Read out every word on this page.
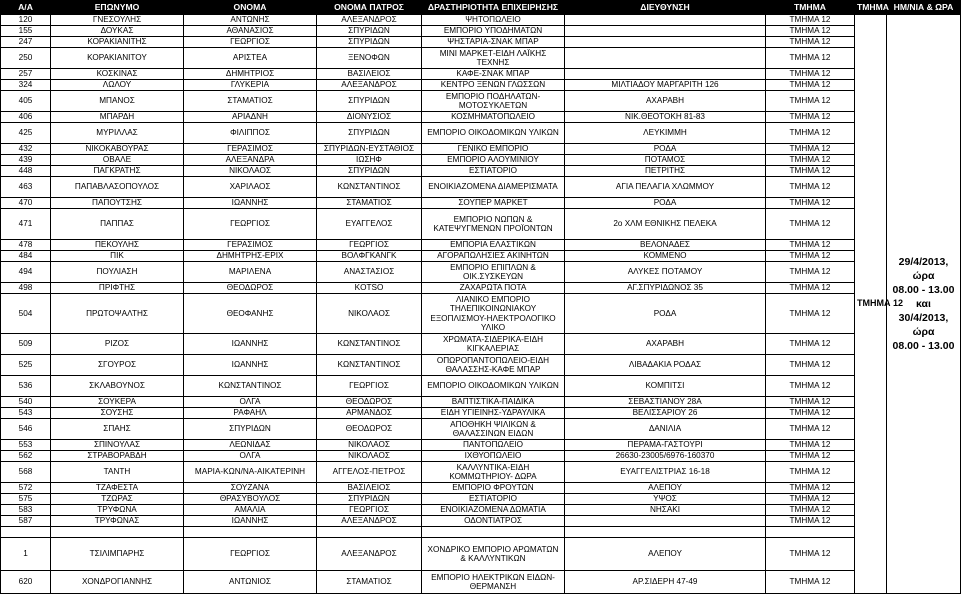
Α/Α	ΕΠΩΝΥΜΟ	ΟΝΟΜΑ	ΟΝΟΜΑ ΠΑΤΡΟΣ	ΔΡΑΣΤΗΡΙΟΤΗΤΑ ΕΠΙΧΕΙΡΗΣΗΣ	ΔΙΕΥΘΥΝΣΗ	ΤΜΗΜΑ	ΤΜΗΜΑ	ΗΜ/ΝΙΑ & ΩΡΑ
120	ΓΝΕΣΟΥΛΗΣ	ΑΝΤΩΝΗΣ	ΑΛΕΞΑΝΔΡΟΣ	ΨΗΤΟΠΩΛΕΙΟ		ΤΜΗΜΑ 12	ΤΜΗΜΑ 12	29/4/2013, ώρα
08.00 - 13.00
και
30/4/2013, ώρα
08.00 - 13.00

155	ΔΟΥΚΑΣ	ΑΘΑΝΑΣΙΟΣ	ΣΠΥΡΙΔΩΝ	ΕΜΠΟΡΙΟ ΥΠΟΔΗΜΑΤΩΝ		ΤΜΗΜΑ 12		
247	ΚΟΡΑΚΙΑΝΙΤΗΣ	ΓΕΩΡΓΙΟΣ	ΣΠΥΡΙΔΩΝ	ΨΗΣΤΑΡΙΑ-ΣΝΑΚ ΜΠΑΡ		ΤΜΗΜΑ 12		
250	ΚΟΡΑΚΙΑΝΙΤΟΥ	ΑΡΙΣΤΕΑ	ΞΕΝΟΦΩΝ	ΜΙΝΙ ΜΑΡΚΕΤ-ΕΙΔΗ ΛΑΪΚΗΣ ΤΕΧΝΗΣ		ΤΜΗΜΑ 12		
257	ΚΟΣΚΙΝΑΣ	ΔΗΜΗΤΡΙΟΣ	ΒΑΣΙΛΕΙΟΣ	ΚΑΦΕ-ΣΝΑΚ ΜΠΑΡ		ΤΜΗΜΑ 12		
324	ΛΩΛΟΥ	ΓΛΥΚΕΡΙΑ	ΑΛΕΞΑΝΔΡΟΣ	ΚΕΝΤΡΟ ΞΕΝΩΝ ΓΛΩΣΣΩΝ	ΜΙΛΤΙΑΔΟΥ ΜΑΡΓΑΡΙΤΗ 126	ΤΜΗΜΑ 12		
405	ΜΠΑΝΟΣ	ΣΤΑΜΑΤΙΟΣ	ΣΠΥΡΙΔΩΝ	ΕΜΠΟΡΙΟ ΠΟΔΗΛΑΤΩΝ-ΜΟΤΟΣΥΚΛΕΤΩΝ	ΑΧΑΡΑΒΗ	ΤΜΗΜΑ 12		
406	ΜΠΑΡΔΗ	ΑΡΙΑΔΝΗ	ΔΙΟΝΥΣΙΟΣ	ΚΟΣΜΗΜΑΤΟΠΩΛΕΙΟ	ΝΙΚ.ΘΕΟΤΟΚΗ 81-83	ΤΜΗΜΑ 12		
425	ΜΥΡΙΛΛΑΣ	ΦΙΛΙΠΠΟΣ	ΣΠΥΡΙΔΩΝ	ΕΜΠΟΡΙΟ ΟΙΚΟΔΟΜΙΚΩΝ ΥΛΙΚΩΝ	ΛΕΥΚΙΜΜΗ	ΤΜΗΜΑ 12		
432	ΝΙΚΟΚΑΒΟΥΡΑΣ	ΓΕΡΑΣΙΜΟΣ	ΣΠΥΡΙΔΩΝ-ΕΥΣΤΑΘΙΟΣ	ΓΕΝΙΚΟ ΕΜΠΟΡΙΟ	ΡΟΔΑ	ΤΜΗΜΑ 12		
439	ΟΒΑΛΕ	ΑΛΕΞΑΝΔΡΑ	ΙΩΣΗΦ	ΕΜΠΟΡΙΟ ΑΛΟΥΜΙΝΙΟΥ	ΠΟΤΑΜΟΣ	ΤΜΗΜΑ 12		
448	ΠΑΓΚΡΑΤΗΣ	ΝΙΚΟΛΑΟΣ	ΣΠΥΡΙΔΩΝ	ΕΣΤΙΑΤΟΡΙΟ	ΠΕΤΡΙΤΗΣ	ΤΜΗΜΑ 12		
463	ΠΑΠΑΒΛΑΣΟΠΟΥΛΟΣ	ΧΑΡΙΛΑΟΣ	ΚΩΝΣΤΑΝΤΙΝΟΣ	ΕΝΟΙΚΙΑΖΟΜΕΝΑ ΔΙΑΜΕΡΙΣΜΑΤΑ	ΑΓΙΑ ΠΕΛΑΓΙΑ ΧΛΩΜΜΟΥ	ΤΜΗΜΑ 12		
470	ΠΑΠΟΥΤΣΗΣ	ΙΩΑΝΝΗΣ	ΣΤΑΜΑΤΙΟΣ	ΣΟΥΠΕΡ ΜΑΡΚΕΤ	ΡΟΔΑ	ΤΜΗΜΑ 12		
471	ΠΑΠΠΑΣ	ΓΕΩΡΓΙΟΣ	ΕΥΑΓΓΕΛΟΣ	ΕΜΠΟΡΙΟ ΝΩΠΩΝ & ΚΑΤΕΨΥΓΜΕΝΩΝ ΠΡΟΪΟΝΤΩΝ	2ο ΧΛΜ ΕΘΝΙΚΗΣ ΠΕΛΕΚΑ	ΤΜΗΜΑ 12		
478	ΠΕΚΟΥΛΗΣ	ΓΕΡΑΣΙΜΟΣ	ΓΕΩΡΓΙΟΣ	ΕΜΠΟΡΙΑ ΕΛΑΣΤΙΚΩΝ	ΒΕΛΟΝΑΔΕΣ	ΤΜΗΜΑ 12		
484	ΠΙΚ	ΔΗΜΗΤΡΗΣ-ΕΡΙΧ	ΒΟΛΦΓΚΑΝΓΚ	ΑΓΟΡΑΠΩΛΗΣΙΕΣ ΑΚΙΝΗΤΩΝ	ΚΟΜΜΕΝΟ	ΤΜΗΜΑ 12		
494	ΠΟΥΛΙΑΣΗ	ΜΑΡΙΛΕΝΑ	ΑΝΑΣΤΑΣΙΟΣ	ΕΜΠΟΡΙΟ ΕΠΙΠΛΩΝ & ΟΙΚ.ΣΥΣΚΕΥΩΝ	ΑΛΥΚΕΣ ΠΟΤΑΜΟΥ	ΤΜΗΜΑ 12		
498	ΠΡΙΦΤΗΣ	ΘΕΟΔΩΡΟΣ	KOTSO	ΖΑΧΑΡΩΤΑ ΠΟΤΑ	ΑΓ.ΣΠΥΡΙΔΩΝΟΣ 35	ΤΜΗΜΑ 12		
504	ΠΡΩΤΟΨΑΛΤΗΣ	ΘΕΟΦΑΝΗΣ	ΝΙΚΟΛΑΟΣ	ΛΙΑΝΙΚΟ ΕΜΠΟΡΙΟ ΤΗΛΕΠΙΚΟΙΝΩΝΙΑΚΟΥ ΕΞΟΠΛΙΣΜΟΥ-ΗΛΕΚΤΡΟΛΟΓΙΚΟ ΥΛΙΚΟ	ΡΟΔΑ	ΤΜΗΜΑ 12		
509	ΡΙΖΟΣ	ΙΩΑΝΝΗΣ	ΚΩΝΣΤΑΝΤΙΝΟΣ	ΧΡΩΜΑΤΑ-ΣΙΔΕΡΙΚΑ-ΕΙΔΗ ΚΙΓΚΑΛΕΡΙΑΣ	ΑΧΑΡΑΒΗ	ΤΜΗΜΑ 12		
525	ΣΓΟΥΡΟΣ	ΙΩΑΝΝΗΣ	ΚΩΝΣΤΑΝΤΙΝΟΣ	ΟΠΩΡΟΠΑΝΤΟΠΩΛΕΙΟ-ΕΙΔΗ ΘΑΛΑΣΣΗΣ-ΚΑΦΕ ΜΠΑΡ	ΛΙΒΑΔΑΚΙΑ ΡΟΔΑΣ	ΤΜΗΜΑ 12		
536	ΣΚΛΑΒΟΥΝΟΣ	ΚΩΝΣΤΑΝΤΙΝΟΣ	ΓΕΩΡΓΙΟΣ	ΕΜΠΟΡΙΟ ΟΙΚΟΔΟΜΙΚΩΝ ΥΛΙΚΩΝ	ΚΟΜΠΙΤΣΙ	ΤΜΗΜΑ 12		
540	ΣΟΥΚΕΡΑ	ΟΛΓΑ	ΘΕΟΔΩΡΟΣ	ΒΑΠΤΙΣΤΙΚΑ-ΠΑΙΔΙΚΑ	ΣΕΒΑΣΤΙΑΝΟΥ 28Α	ΤΜΗΜΑ 12		
543	ΣΟΥΣΗΣ	ΡΑΦΑΗΛ	ΑΡΜΑΝΔΟΣ	ΕΙΔΗ ΥΓΙΕΙΝΗΣ-ΥΔΡΑΥΛΙΚΑ	ΒΕΛΙΣΣΑΡΙΟΥ 26	ΤΜΗΜΑ 12		
546	ΣΠΑΗΣ	ΣΠΥΡΙΔΩΝ	ΘΕΟΔΩΡΟΣ	ΑΠΟΘΗΚΗ ΨΙΛΙΚΩΝ & ΘΑΛΑΣΣΙΝΩΝ ΕΙΔΩΝ	ΔΑΝΙΛΙΑ	ΤΜΗΜΑ 12		
553	ΣΠΙΝΟΥΛΑΣ	ΛΕΩΝΙΔΑΣ	ΝΙΚΟΛΑΟΣ	ΠΑΝΤΟΠΩΛΕΙΟ	ΠΕΡΑΜΑ-ΓΑΣΤΟΥΡΙ	ΤΜΗΜΑ 12		
562	ΣΤΡΑΒΟΡΑΒΔΗ	ΟΛΓΑ	ΝΙΚΟΛΑΟΣ	ΙΧΘΥΟΠΩΛΕΙΟ	26630-23005/6976-160370	ΤΜΗΜΑ 12		
568	ΤΑΝΤΗ	ΜΑΡΙΑ-ΚΩΝ/ΝΑ-ΑΙΚΑΤΕΡΙΝΗ	ΑΓΓΕΛΟΣ-ΠΕΤΡΟΣ	ΚΑΛΛΥΝΤΙΚΑ-ΕΙΔΗ ΚΟΜΜΩΤΗΡΙΟΥ- ΔΩΡΑ	ΕΥΑΓΓΕΛΙΣΤΡΙΑΣ 16-18	ΤΜΗΜΑ 12		
572	ΤΖΑΦΕΣΤΑ	ΣΟΥΖΑΝΑ	ΒΑΣΙΛΕΙΟΣ	ΕΜΠΟΡΙΟ ΦΡΟΥΤΩΝ	ΑΛΕΠΟΥ	ΤΜΗΜΑ 12		
575	ΤΖΩΡΑΣ	ΘΡΑΣΥΒΟΥΛΟΣ	ΣΠΥΡΙΔΩΝ	ΕΣΤΙΑΤΟΡΙΟ	ΥΨΟΣ	ΤΜΗΜΑ 12		
583	ΤΡΥΦΩΝΑ	ΑΜΑΛΙΑ	ΓΕΩΡΓΙΟΣ	ΕΝΟΙΚΙΑΖΟΜΕΝΑ ΔΩΜΑΤΙΑ	ΝΗΣΑΚΙ	ΤΜΗΜΑ 12		
587	ΤΡΥΦΩΝΑΣ	ΙΩΑΝΝΗΣ	ΑΛΕΞΑΝΔΡΟΣ	ΟΔΟΝΤΙΑΤΡΟΣ		ΤΜΗΜΑ 12		

1	ΤΣΙΛΙΜΠΑΡΗΣ	ΓΕΩΡΓΙΟΣ	ΑΛΕΞΑΝΔΡΟΣ	ΧΟΝΔΡΙΚΟ ΕΜΠΟΡΙΟ ΑΡΩΜΑΤΩΝ & ΚΑΛΛΥΝΤΙΚΩΝ	ΑΛΕΠΟΥ	ΤΜΗΜΑ 12		
620	ΧΟΝΔΡΟΓΙΑΝΝΗΣ	ΑΝΤΩΝΙΟΣ	ΣΤΑΜΑΤΙΟΣ	ΕΜΠΟΡΙΟ ΗΛΕΚΤΡΙΚΩΝ ΕΙΔΩΝ-ΘΕΡΜΑΝΣΗ	ΑΡ.ΣΙΔΕΡΗ 47-49	ΤΜΗΜΑ 12		
